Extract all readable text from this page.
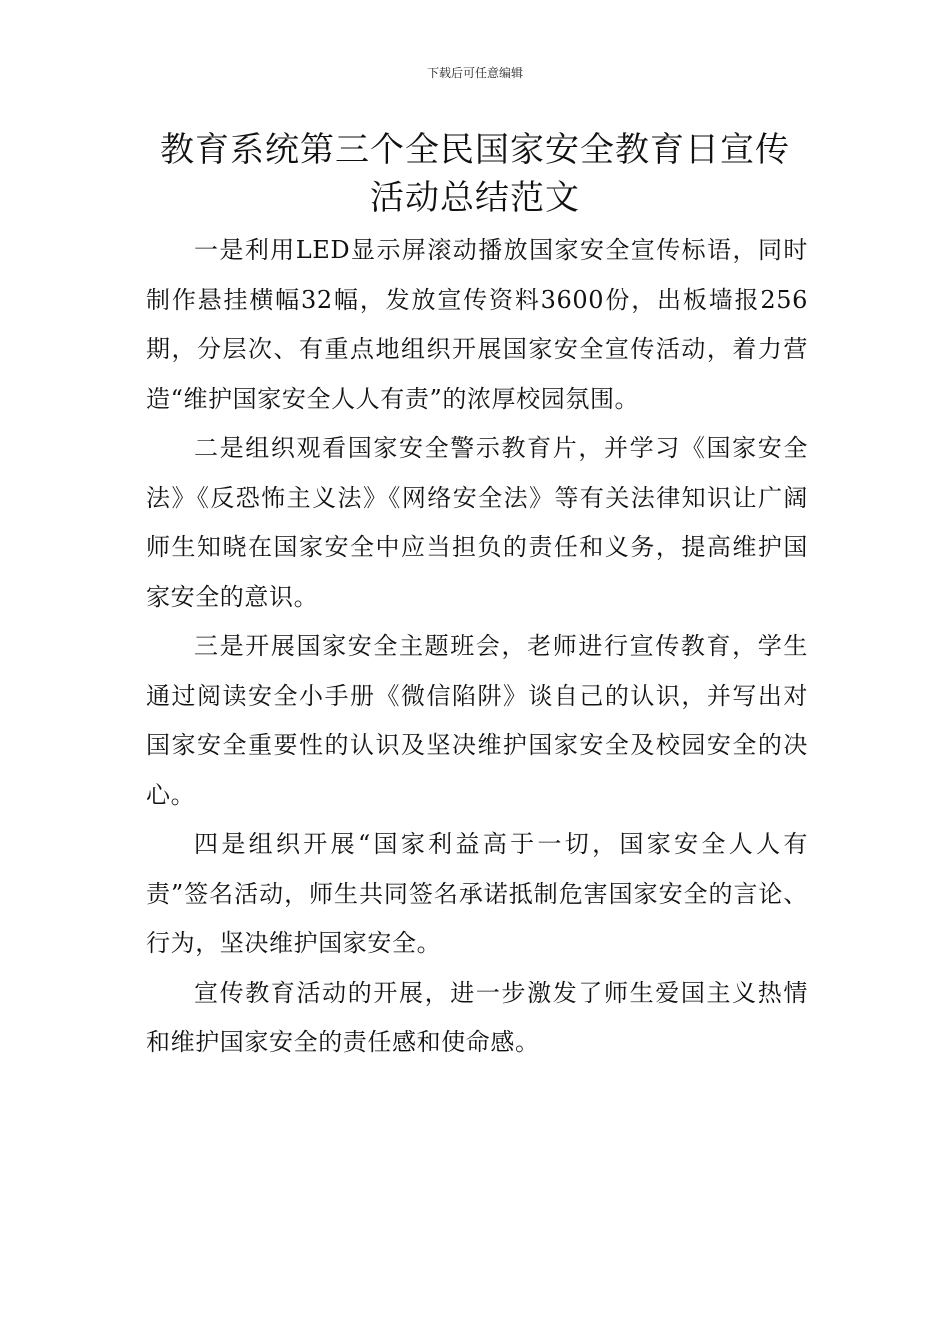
下载后可任意编辑
教育系统第三个全民国家安全教育日宣传
活动总结范文

一是利用LED显示屏滚动播放国家安全宣传标语，同时制作悬挂横幅32幅，发放宣传资料3600份，出板墙报256期，分层次、有重点地组织开展国家安全宣传活动，着力营造“维护国家安全人人有责”的浓厚校园氛围。

二是组织观看国家安全警示教育片，并学习《国家安全法》《反恐怖主义法》《网络安全法》等有关法律知识让广阔师生知晓在国家安全中应当担负的责任和义务，提高维护国家安全的意识。

三是开展国家安全主题班会，老师进行宣传教育，学生通过阅读安全小手册《微信陷阱》谈自己的认识，并写出对国家安全重要性的认识及坚决维护国家安全及校园安全的决心。

四是组织开展“国家利益高于一切，国家安全人人有责”签名活动，师生共同签名承诺抵制危害国家安全的言论、行为，坚决维护国家安全。

宣传教育活动的开展，进一步激发了师生爱国主义热情和维护国家安全的责任感和使命感。
